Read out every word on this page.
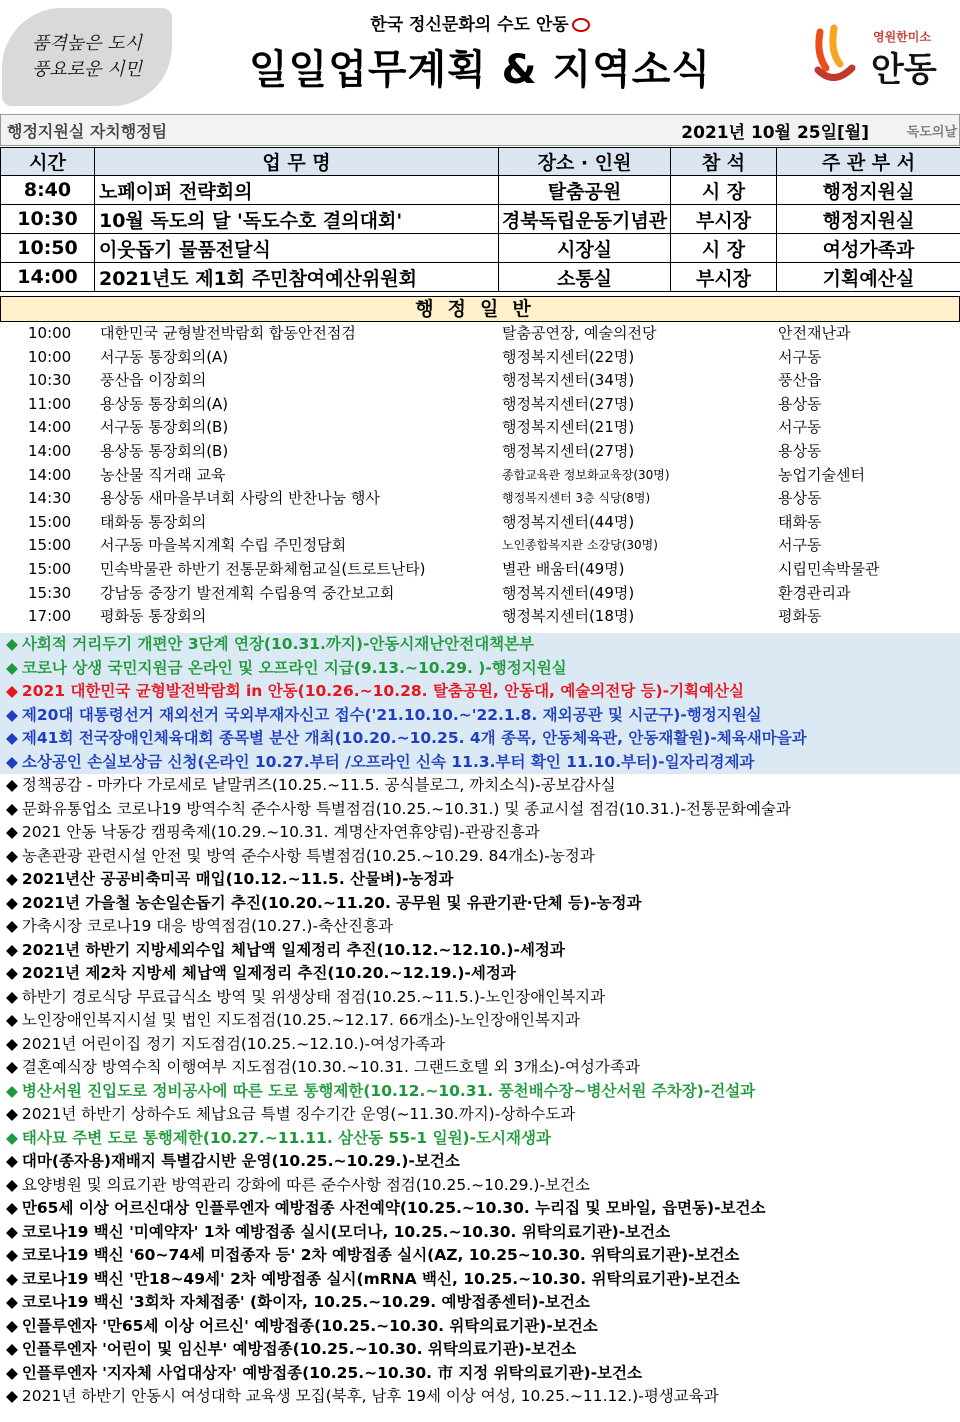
품격높은 도시
풍요로운 시민
한국 정신문화의 수도 안동
일일업무계획 & 지역소식
영원한미소
안동
행정지원실 자치행정팀	2021년 10월 25일[월]	독도의날
시간	업 무 명	장소 · 인원	참 석	주 관 부 서
8:40	노페이퍼 전략회의	탈춤공원	시 장	행정지원실
10:30	10월 독도의 달 '독도수호 결의대회'	경북독립운동기념관	부시장	행정지원실
10:50	이웃돕기 물품전달식	시장실	시 장	여성가족과
14:00	2021년도 제1회 주민참여예산위원회	소통실	부시장	기획예산실
행정일반
10:00 대한민국 균형발전박람회 합동안전점검	탈춤공연장, 예술의전당	안전재난과
10:00 서구동 통장회의(A)	행정복지센터(22명)	서구동
10:30 풍산읍 이장회의	행정복지센터(34명)	풍산읍
11:00 용상동 통장회의(A)	행정복지센터(27명)	용상동
14:00 서구동 통장회의(B)	행정복지센터(21명)	서구동
14:00 용상동 통장회의(B)	행정복지센터(27명)	용상동
14:00 농산물 직거래 교육	종합교육관 정보화교육장(30명)	농업기술센터
14:30 용상동 새마을부녀회 사랑의 반찬나눔 행사	행정복지센터 3층 식당(8명)	용상동
15:00 태화동 통장회의	행정복지센터(44명)	태화동
15:00 서구동 마을복지계획 수립 주민정담회	노인종합복지관 소강당(30명)	서구동
15:00 민속박물관 하반기 전통문화체험교실(트로트난타)	별관 배움터(49명)	시립민속박물관
15:30 강남동 중장기 발전계획 수립용역 중간보고회	행정복지센터(49명)	환경관리과
17:00 평화동 통장회의	행정복지센터(18명)	평화동
◆ 사회적 거리두기 개편안 3단계 연장(10.31.까지)-안동시재난안전대책본부
◆ 코로나 상생 국민지원금 온라인 및 오프라인 지급(9.13.~10.29. )-행정지원실
◆ 2021 대한민국 균형발전박람회 in 안동(10.26.~10.28. 탈춤공원, 안동대, 예술의전당 등)-기획예산실
◆ 제20대 대통령선거 재외선거 국외부재자신고 접수('21.10.10.~'22.1.8. 재외공관 및 시군구)-행정지원실
◆ 제41회 전국장애인체육대회 종목별 분산 개최(10.20.~10.25. 4개 종목, 안동체육관, 안동재활원)-체육새마을과
◆ 소상공인 손실보상금 신청(온라인 10.27.부터 /오프라인 신속 11.3.부터 확인 11.10.부터)-일자리경제과
◆ 정책공감 - 마카다 가로세로 낱말퀴즈(10.25.~11.5. 공식블로그, 까치소식)-공보감사실
◆ 문화유통업소 코로나19 방역수칙 준수사항 특별점검(10.25.~10.31.) 및 종교시설 점검(10.31.)-전통문화예술과
◆ 2021 안동 낙동강 캠핑축제(10.29.~10.31. 계명산자연휴양림)-관광진흥과
◆ 농촌관광 관련시설 안전 및 방역 준수사항 특별점검(10.25.~10.29. 84개소)-농정과
◆ 2021년산 공공비축미곡 매입(10.12.~11.5. 산물벼)-농정과
◆ 2021년 가을철 농손일손돕기 추진(10.20.~11.20. 공무원 및 유관기관·단체 등)-농정과
◆ 가축시장 코로나19 대응 방역점검(10.27.)-축산진흥과
◆ 2021년 하반기 지방세외수입 체납액 일제정리 추진(10.12.~12.10.)-세정과
◆ 2021년 제2차 지방세 체납액 일제정리 추진(10.20.~12.19.)-세정과
◆ 하반기 경로식당 무료급식소 방역 및 위생상태 점검(10.25.~11.5.)-노인장애인복지과
◆ 노인장애인복지시설 및 법인 지도점검(10.25.~12.17. 66개소)-노인장애인복지과
◆ 2021년 어린이집 정기 지도점검(10.25.~12.10.)-여성가족과
◆ 결혼예식장 방역수칙 이행여부 지도점검(10.30.~10.31. 그랜드호텔 외 3개소)-여성가족과
◆ 병산서원 진입도로 정비공사에 따른 도로 통행제한(10.12.~10.31. 풍천배수장~병산서원 주차장)-건설과
◆ 2021년 하반기 상하수도 체납요금 특별 징수기간 운영(~11.30.까지)-상하수도과
◆ 태사묘 주변 도로 통행제한(10.27.~11.11. 삼산동 55-1 일원)-도시재생과
◆ 대마(종자용)재배지 특별감시반 운영(10.25.~10.29.)-보건소
◆ 요양병원 및 의료기관 방역관리 강화에 따른 준수사항 점검(10.25.~10.29.)-보건소
◆ 만65세 이상 어르신대상 인플루엔자 예방접종 사전예약(10.25.~10.30. 누리집 및 모바일, 읍면동)-보건소
◆ 코로나19 백신 '미예약자' 1차 예방접종 실시(모더나, 10.25.~10.30. 위탁의료기관)-보건소
◆ 코로나19 백신 '60~74세 미접종자 등' 2차 예방접종 실시(AZ, 10.25~10.30. 위탁의료기관)-보건소
◆ 코로나19 백신 '만18~49세' 2차 예방접종 실시(mRNA 백신, 10.25.~10.30. 위탁의료기관)-보건소
◆ 코로나19 백신 '3회차 자체접종' (화이자, 10.25.~10.29. 예방접종센터)-보건소
◆ 인플루엔자 '만65세 이상 어르신' 예방접종(10.25.~10.30. 위탁의료기관)-보건소
◆ 인플루엔자 '어린이 및 임신부' 예방접종(10.25.~10.30. 위탁의료기관)-보건소
◆ 인플루엔자 '지자체 사업대상자' 예방접종(10.25.~10.30. 市 지정 위탁의료기관)-보건소
◆ 2021년 하반기 안동시 여성대학 교육생 모집(북후, 남후 19세 이상 여성, 10.25.~11.12.)-평생교육과
